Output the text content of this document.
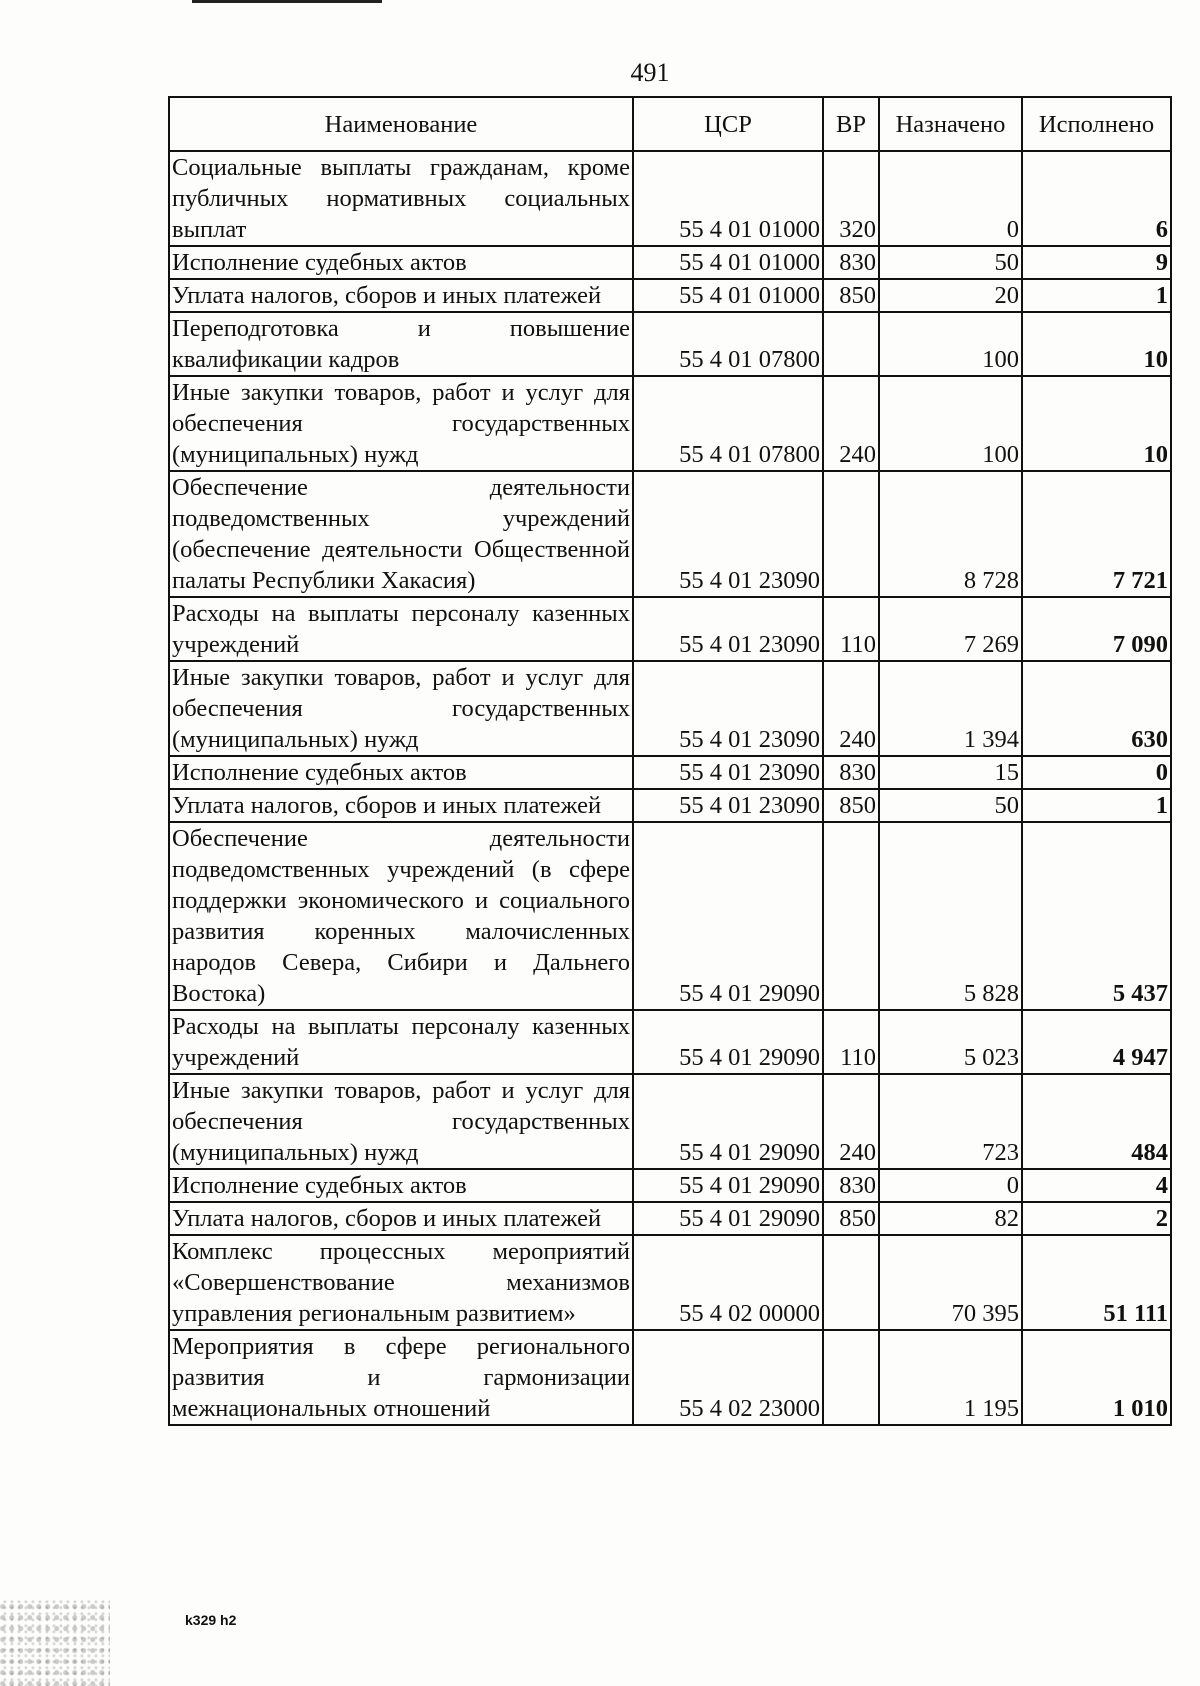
491
Наименование	ЦСР	ВР	Назначено	Исполнено
Социальные выплаты гражданам, кроме публичных нормативных социальных выплат	55 4 01 01000	320	0	6
Исполнение судебных актов	55 4 01 01000	830	50	9
Уплата налогов, сборов и иных платежей	55 4 01 01000	850	20	1
Переподготовка и повышение квалификации кадров	55 4 01 07800		100	10
Иные закупки товаров, работ и услуг для обеспечения государственных (муниципальных) нужд	55 4 01 07800	240	100	10
Обеспечение деятельности подведомственных учреждений (обеспечение деятельности Общественной палаты Республики Хакасия)	55 4 01 23090		8 728	7 721
Расходы на выплаты персоналу казенных учреждений	55 4 01 23090	110	7 269	7 090
Иные закупки товаров, работ и услуг для обеспечения государственных (муниципальных) нужд	55 4 01 23090	240	1 394	630
Исполнение судебных актов	55 4 01 23090	830	15	0
Уплата налогов, сборов и иных платежей	55 4 01 23090	850	50	1
Обеспечение деятельности подведомственных учреждений (в сфере поддержки экономического и социального развития коренных малочисленных народов Севера, Сибири и Дальнего Востока)	55 4 01 29090		5 828	5 437
Расходы на выплаты персоналу казенных учреждений	55 4 01 29090	110	5 023	4 947
Иные закупки товаров, работ и услуг для обеспечения государственных (муниципальных) нужд	55 4 01 29090	240	723	484
Исполнение судебных актов	55 4 01 29090	830	0	4
Уплата налогов, сборов и иных платежей	55 4 01 29090	850	82	2
Комплекс процессных мероприятий «Совершенствование механизмов управления региональным развитием»	55 4 02 00000		70 395	51 111
Мероприятия в сфере регионального развития и гармонизации межнациональных отношений	55 4 02 23000		1 195	1 010
k329 h2
